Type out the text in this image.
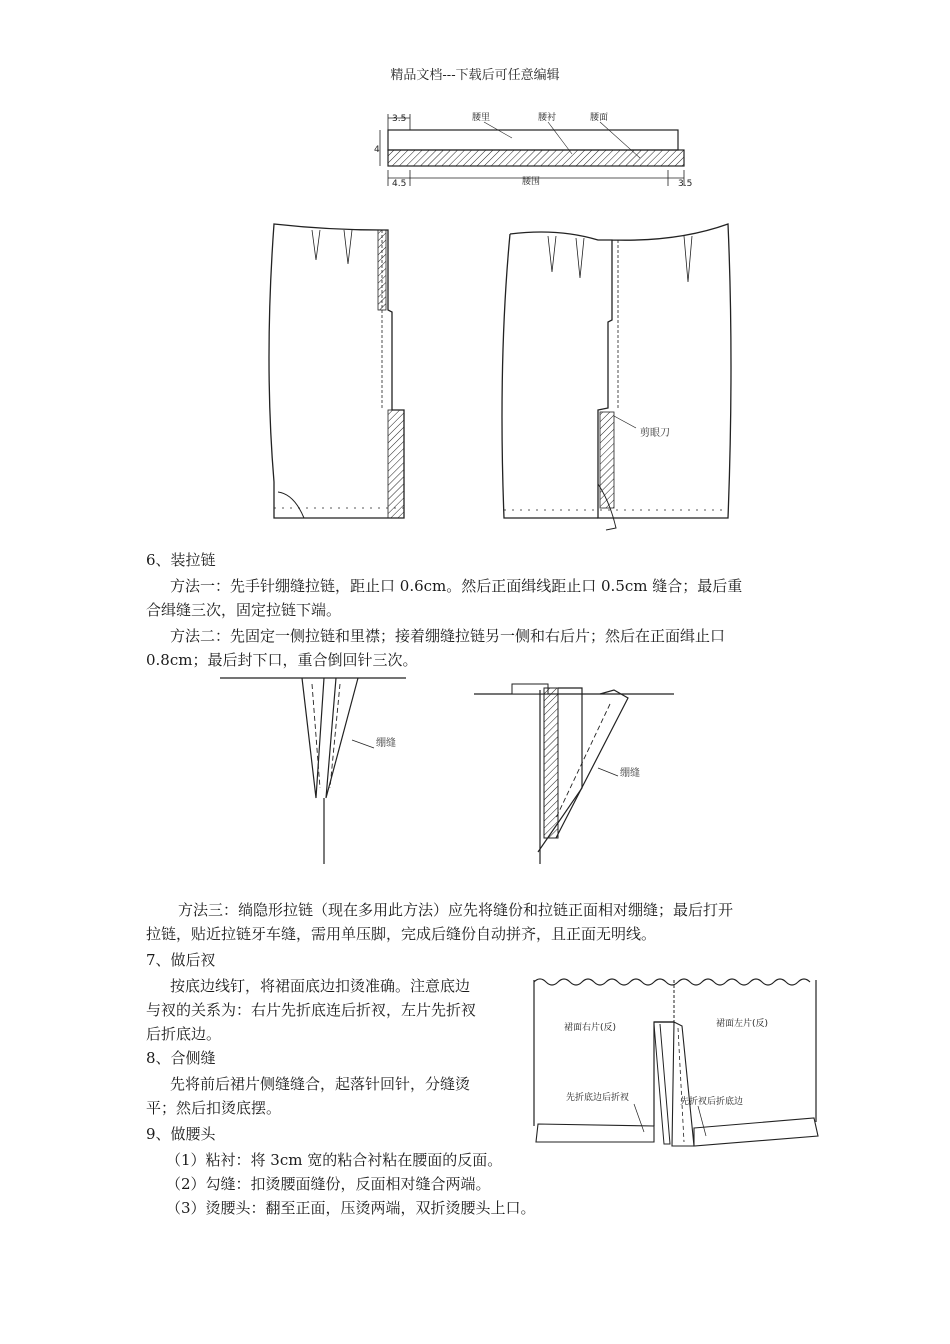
精品文档---下载后可任意编辑
3.5
4
腰里	腰衬	腰面
4.5	腰围	3.5
剪眼刀
6、装拉链
方法一：先手针绷缝拉链，距止口 0.6cm。然后正面缉线距止口 0.5cm 缝合；最后重
合缉缝三次，固定拉链下端。
方法二：先固定一侧拉链和里襟；接着绷缝拉链另一侧和右后片；然后在正面缉止口
0.8cm；最后封下口，重合倒回针三次。
绷缝
绷缝
方法三：绱隐形拉链（现在多用此方法）应先将缝份和拉链正面相对绷缝；最后打开
拉链，贴近拉链牙车缝，需用单压脚，完成后缝份自动拼齐，且正面无明线。
7、做后衩
按底边线钉，将裙面底边扣烫准确。注意底边
与衩的关系为：右片先折底连后折衩，左片先折衩
后折底边。
8、合侧缝
先将前后裙片侧缝缝合，起落针回针，分缝烫
平；然后扣烫底摆。
9、做腰头
（1）粘衬：将 3cm 宽的粘合衬粘在腰面的反面。
（2）勾缝：扣烫腰面缝份，反面相对缝合两端。
（3）烫腰头：翻至正面，压烫两端，双折烫腰头上口。
裙面右片(反)	裙面左片(反)
先折底边后折衩	先折衩后折底边
